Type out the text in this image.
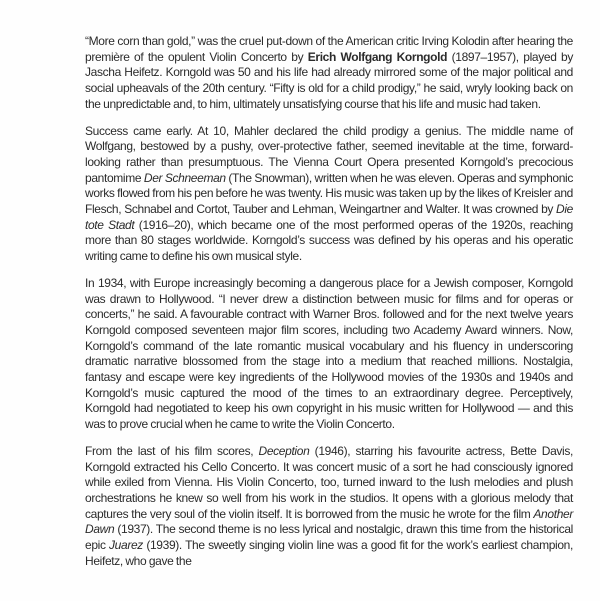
“More corn than gold,” was the cruel put-down of the American critic Irving Kolodin after hearing the première of the opulent Violin Concerto by Erich Wolfgang Korngold (1897–1957), played by Jascha Heifetz. Korngold was 50 and his life had already mirrored some of the major political and social upheavals of the 20th century. “Fifty is old for a child prodigy,” he said, wryly looking back on the unpredictable and, to him, ultimately unsatisfying course that his life and music had taken.

Success came early. At 10, Mahler declared the child prodigy a genius. The middle name of Wolfgang, bestowed by a pushy, over-protective father, seemed inevitable at the time, forward-looking rather than presumptuous. The Vienna Court Opera presented Korngold’s precocious pantomime Der Schneeman (The Snowman), written when he was eleven. Operas and symphonic works flowed from his pen before he was twenty. His music was taken up by the likes of Kreisler and Flesch, Schnabel and Cortot, Tauber and Lehman, Weingartner and Walter. It was crowned by Die tote Stadt (1916–20), which became one of the most performed operas of the 1920s, reaching more than 80 stages worldwide. Korngold’s success was defined by his operas and his operatic writing came to define his own musical style.

In 1934, with Europe increasingly becoming a dangerous place for a Jewish composer, Korngold was drawn to Hollywood. “I never drew a distinction between music for films and for operas or concerts,” he said. A favourable contract with Warner Bros. followed and for the next twelve years Korngold composed seventeen major film scores, including two Academy Award winners. Now, Korngold’s command of the late romantic musical vocabulary and his fluency in underscoring dramatic narrative blossomed from the stage into a medium that reached millions. Nostalgia, fantasy and escape were key ingredients of the Hollywood movies of the 1930s and 1940s and Korngold’s music captured the mood of the times to an extraordinary degree. Perceptively, Korngold had negotiated to keep his own copyright in his music written for Hollywood — and this was to prove crucial when he came to write the Violin Concerto.

From the last of his film scores, Deception (1946), starring his favourite actress, Bette Davis, Korngold extracted his Cello Concerto. It was concert music of a sort he had consciously ignored while exiled from Vienna. His Violin Concerto, too, turned inward to the lush melodies and plush orchestrations he knew so well from his work in the studios. It opens with a glorious melody that captures the very soul of the violin itself. It is borrowed from the music he wrote for the film Another Dawn (1937). The second theme is no less lyrical and nostalgic, drawn this time from the historical epic Juarez (1939). The sweetly singing violin line was a good fit for the work’s earliest champion, Heifetz, who gave the
